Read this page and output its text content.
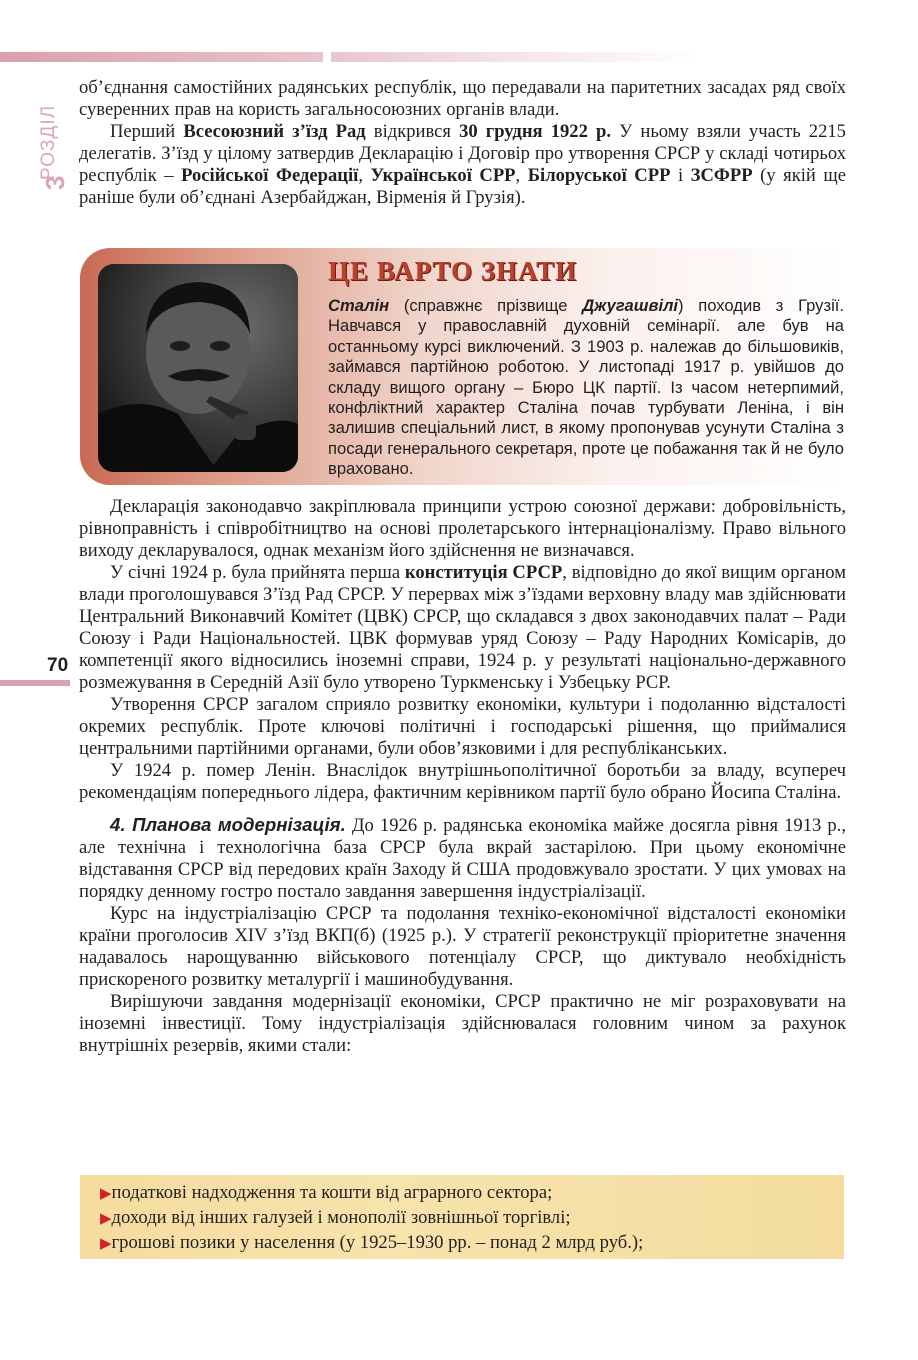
3
РОЗДІЛ
70

об’єднання самостійних радянських республік, що передавали на паритетних засадах ряд своїх суверенних прав на користь загальносоюзних органів влади.

Перший Всесоюзний з’їзд Рад відкрився 30 грудня 1922 р. У ньому взяли участь 2215 делегатів. З’їзд у цілому затвердив Декларацію і Договір про утворення СРСР у складі чотирьох республік – Російської Федерації, Української СРР, Білоруської СРР і ЗСФРР (у якій ще раніше були об’єднані Азербайджан, Вірменія й Грузія).

ЦЕ ВАРТО ЗНАТИ
Сталін (справжнє прізвище Джугашвілі) походив з Грузії. Навчався у православній духовній семінарії. але був на останньому курсі виключений. З 1903 р. належав до більшовиків, займався партійною роботою. У листопаді 1917 р. увійшов до складу вищого органу – Бюро ЦК партії. Із часом нетерпимий, конфліктний характер Сталіна почав турбувати Леніна, і він залишив спеціальний лист, в якому пропонував усунути Сталіна з посади генерального секретаря, проте це побажання так й не було враховано.

Декларація законодавчо закріплювала принципи устрою союзної держави: добровільність, рівноправність і співробітництво на основі пролетарського інтернаціоналізму. Право вільного виходу декларувалося, однак механізм його здійснення не визначався.

У січні 1924 р. була прийнята перша конституція СРСР, відповідно до якої вищим органом влади проголошувався З’їзд Рад СРСР. У перервах між з’їздами верховну владу мав здійснювати Центральний Виконавчий Комітет (ЦВК) СРСР, що складався з двох законодавчих палат – Ради Союзу і Ради Національностей. ЦВК формував уряд Союзу – Раду Народних Комісарів, до компетенції якого відносились іноземні справи, 1924 р. у результаті національно-державного розмежування в Середній Азії було утворено Туркменську і Узбецьку РСР.

Утворення СРСР загалом сприяло розвитку економіки, культури і подоланню відсталості окремих республік. Проте ключові політичні і господарські рішення, що приймалися центральними партійними органами, були обов’язковими і для республіканських.

У 1924 р. помер Ленін. Внаслідок внутрішньополітичної боротьби за владу, всупереч рекомендаціям попереднього лідера, фактичним керівником партії було обрано Йосипа Сталіна.

4. Планова модернізація. До 1926 р. радянська економіка майже досягла рівня 1913 р., але технічна і технологічна база СРСР була вкрай застарілою. При цьому економічне відставання СРСР від передових країн Заходу й США продовжувало зростати. У цих умовах на порядку денному гостро постало завдання завершення індустріалізації.

Курс на індустріалізацію СРСР та подолання техніко-економічної відсталості економіки країни проголосив XIV з’їзд ВКП(б) (1925 р.). У стратегії реконструкції пріоритетне значення надавалось нарощуванню військового потенціалу СРСР, що диктувало необхідність прискореного розвитку металургії і машинобудування.

Вирішуючи завдання модернізації економіки, СРСР практично не міг розраховувати на іноземні інвестиції. Тому індустріалізація здійснювалася головним чином за рахунок внутрішніх резервів, якими стали:

▶податкові надходження та кошти від аграрного сектора;
▶доходи від інших галузей і монополії зовнішньої торгівлі;
▶грошові позики у населення (у 1925–1930 рр. – понад 2 млрд руб.);
